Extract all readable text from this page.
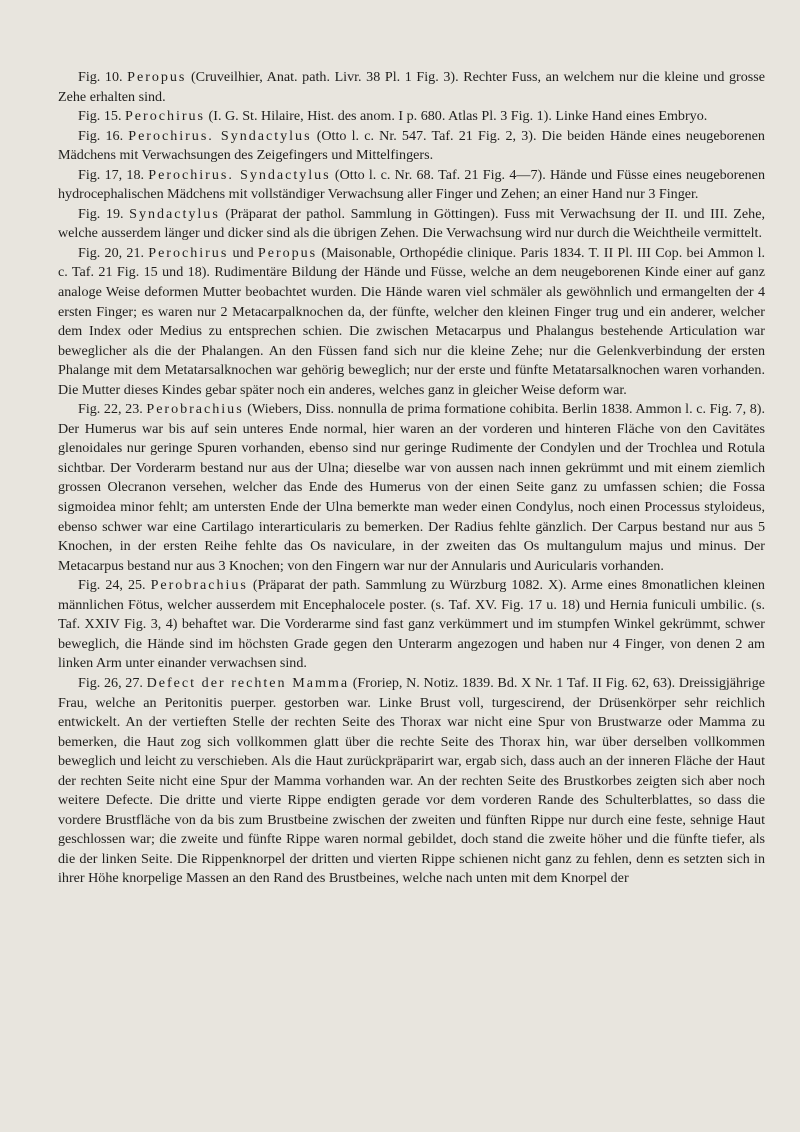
Fig. 10. Peropus (Cruveilhier, Anat. path. Livr. 38 Pl. 1 Fig. 3). Rechter Fuss, an welchem nur die kleine und grosse Zehe erhalten sind.

Fig. 15. Perochirus (I. G. St. Hilaire, Hist. des anom. I p. 680. Atlas Pl. 3 Fig. 1). Linke Hand eines Embryo.

Fig. 16. Perochirus. Syndactylus (Otto l. c. Nr. 547. Taf. 21 Fig. 2, 3). Die beiden Hände eines neugeborenen Mädchens mit Verwachsungen des Zeigefingers und Mittelfingers.

Fig. 17, 18. Perochirus. Syndactylus (Otto l. c. Nr. 68. Taf. 21 Fig. 4—7). Hände und Füsse eines neugeborenen hydrocephalischen Mädchens mit vollständiger Verwachsung aller Finger und Zehen; an einer Hand nur 3 Finger.

Fig. 19. Syndactylus (Präparat der pathol. Sammlung in Göttingen). Fuss mit Verwachsung der II. und III. Zehe, welche ausserdem länger und dicker sind als die übrigen Zehen. Die Verwachsung wird nur durch die Weichtheile vermittelt.

Fig. 20, 21. Perochirus und Peropus (Maisonable, Orthopédie clinique. Paris 1834. T. II Pl. III Cop. bei Ammon l. c. Taf. 21 Fig. 15 und 18). Rudimentäre Bildung der Hände und Füsse, welche an dem neugeborenen Kinde einer auf ganz analoge Weise deformen Mutter beobachtet wurden. Die Hände waren viel schmäler als gewöhnlich und ermangelten der 4 ersten Finger; es waren nur 2 Metacarpalknochen da, der fünfte, welcher den kleinen Finger trug und ein anderer, welcher dem Index oder Medius zu entsprechen schien. Die zwischen Metacarpus und Phalangus bestehende Articulation war beweglicher als die der Phalangen. An den Füssen fand sich nur die kleine Zehe; nur die Gelenkverbindung der ersten Phalange mit dem Metatarsalknochen war gehörig beweglich; nur der erste und fünfte Metatarsalknochen waren vorhanden. Die Mutter dieses Kindes gebar später noch ein anderes, welches ganz in gleicher Weise deform war.

Fig. 22, 23. Perobrachius (Wiebers, Diss. nonnulla de prima formatione cohibita. Berlin 1838. Ammon l. c. Fig. 7, 8). Der Humerus war bis auf sein unteres Ende normal, hier waren an der vorderen und hinteren Fläche von den Cavitätes glenoidales nur geringe Spuren vorhanden, ebenso sind nur geringe Rudimente der Condylen und der Trochlea und Rotula sichtbar. Der Vorderarm bestand nur aus der Ulna; dieselbe war von aussen nach innen gekrümmt und mit einem ziemlich grossen Olecranon versehen, welcher das Ende des Humerus von der einen Seite ganz zu umfassen schien; die Fossa sigmoidea minor fehlt; am untersten Ende der Ulna bemerkte man weder einen Condylus, noch einen Processus styloideus, ebenso schwer war eine Cartilago interarticularis zu bemerken. Der Radius fehlte gänzlich. Der Carpus bestand nur aus 5 Knochen, in der ersten Reihe fehlte das Os naviculare, in der zweiten das Os multangulum majus und minus. Der Metacarpus bestand nur aus 3 Knochen; von den Fingern war nur der Annularis und Auricularis vorhanden.

Fig. 24, 25. Perobrachius (Präparat der path. Sammlung zu Würzburg 1082. X). Arme eines 8monatlichen kleinen männlichen Fötus, welcher ausserdem mit Encephalocele poster. (s. Taf. XV. Fig. 17 u. 18) und Hernia funiculi umbilic. (s. Taf. XXIV Fig. 3, 4) behaftet war. Die Vorderarme sind fast ganz verkümmert und im stumpfen Winkel gekrümmt, schwer beweglich, die Hände sind im höchsten Grade gegen den Unterarm angezogen und haben nur 4 Finger, von denen 2 am linken Arm unter einander verwachsen sind.

Fig. 26, 27. Defect der rechten Mamma (Froriep, N. Notiz. 1839. Bd. X Nr. 1 Taf. II Fig. 62, 63). Dreissigjährige Frau, welche an Peritonitis puerper. gestorben war. Linke Brust voll, turgescirend, der Drüsenkörper sehr reichlich entwickelt. An der vertieften Stelle der rechten Seite des Thorax war nicht eine Spur von Brustwarze oder Mamma zu bemerken, die Haut zog sich vollkommen glatt über die rechte Seite des Thorax hin, war über derselben vollkommen beweglich und leicht zu verschieben. Als die Haut zurückpräparirt war, ergab sich, dass auch an der inneren Fläche der Haut der rechten Seite nicht eine Spur der Mamma vorhanden war. An der rechten Seite des Brustkorbes zeigten sich aber noch weitere Defecte. Die dritte und vierte Rippe endigten gerade vor dem vorderen Rande des Schulterblattes, so dass die vordere Brustfläche von da bis zum Brustbeine zwischen der zweiten und fünften Rippe nur durch eine feste, sehnige Haut geschlossen war; die zweite und fünfte Rippe waren normal gebildet, doch stand die zweite höher und die fünfte tiefer, als die der linken Seite. Die Rippenknorpel der dritten und vierten Rippe schienen nicht ganz zu fehlen, denn es setzten sich in ihrer Höhe knorpelige Massen an den Rand des Brustbeines, welche nach unten mit dem Knorpel der
